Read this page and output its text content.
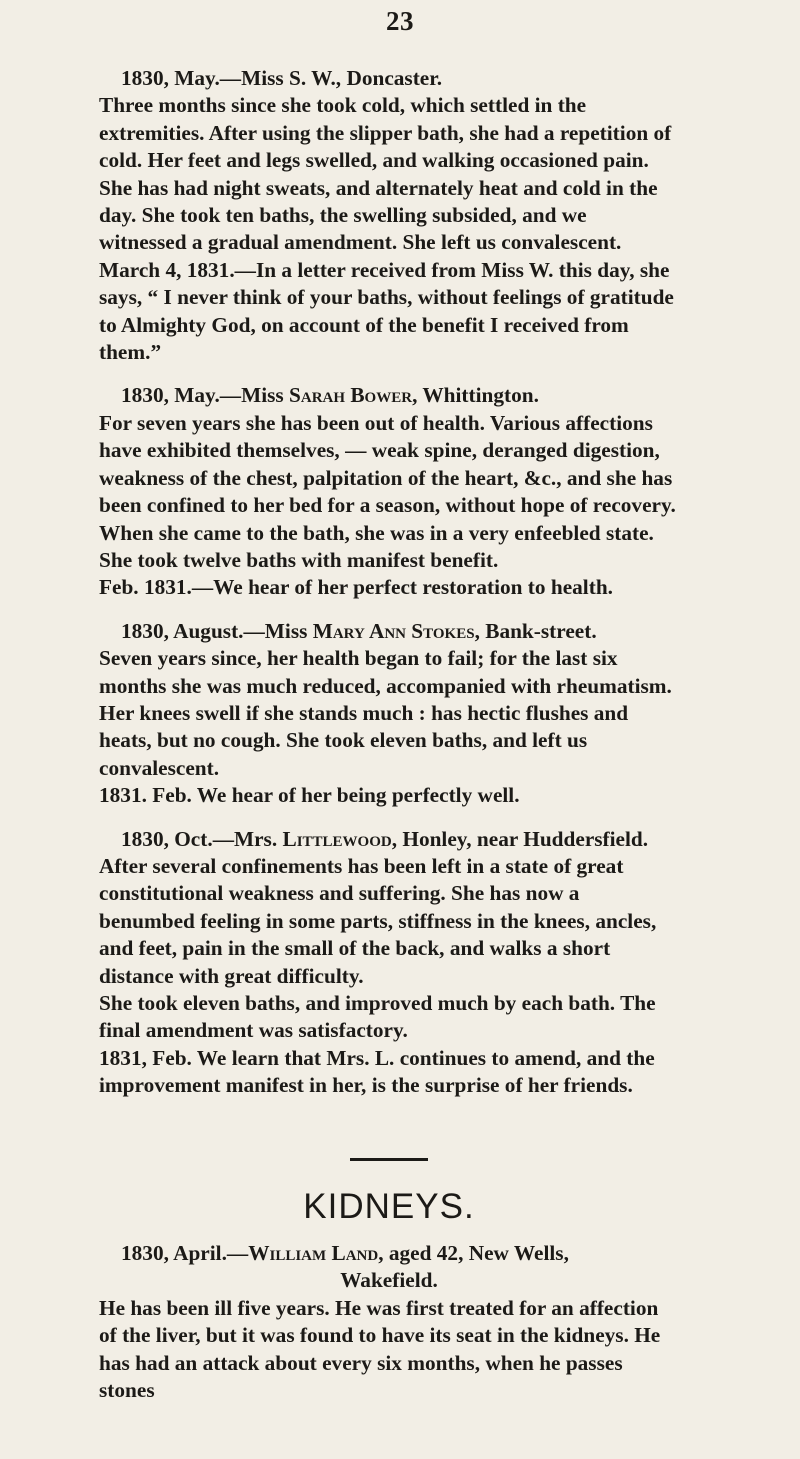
23

1830, May.—Miss S. W., Doncaster.

Three months since she took cold, which settled in the extremities. After using the slipper bath, she had a repetition of cold. Her feet and legs swelled, and walking occasioned pain. She has had night sweats, and alternately heat and cold in the day. She took ten baths, the swelling subsided, and we witnessed a gradual amendment. She left us convalescent.

March 4, 1831.—In a letter received from Miss W. this day, she says, “ I never think of your baths, without feelings of gratitude to Almighty God, on account of the benefit I received from them.”

1830, May.—Miss Sarah Bower, Whittington.

For seven years she has been out of health. Various affections have exhibited themselves, — weak spine, deranged digestion, weakness of the chest, palpitation of the heart, &c., and she has been confined to her bed for a season, without hope of recovery. When she came to the bath, she was in a very enfeebled state. She took twelve baths with manifest benefit.

Feb. 1831.—We hear of her perfect restoration to health.

1830, August.—Miss Mary Ann Stokes, Bank-street.

Seven years since, her health began to fail; for the last six months she was much reduced, accompanied with rheumatism. Her knees swell if she stands much : has hectic flushes and heats, but no cough. She took eleven baths, and left us convalescent.

1831. Feb. We hear of her being perfectly well.

1830, Oct.—Mrs. Littlewood, Honley, near Huddersfield.

After several confinements has been left in a state of great constitutional weakness and suffering. She has now a benumbed feeling in some parts, stiffness in the knees, ancles, and feet, pain in the small of the back, and walks a short distance with great difficulty.

She took eleven baths, and improved much by each bath. The final amendment was satisfactory.

1831, Feb. We learn that Mrs. L. continues to amend, and the improvement manifest in her, is the surprise of her friends.

KIDNEYS.

1830, April.—William Land, aged 42, New Wells,

Wakefield.

He has been ill five years. He was first treated for an affection of the liver, but it was found to have its seat in the kidneys. He has had an attack about every six months, when he passes stones
